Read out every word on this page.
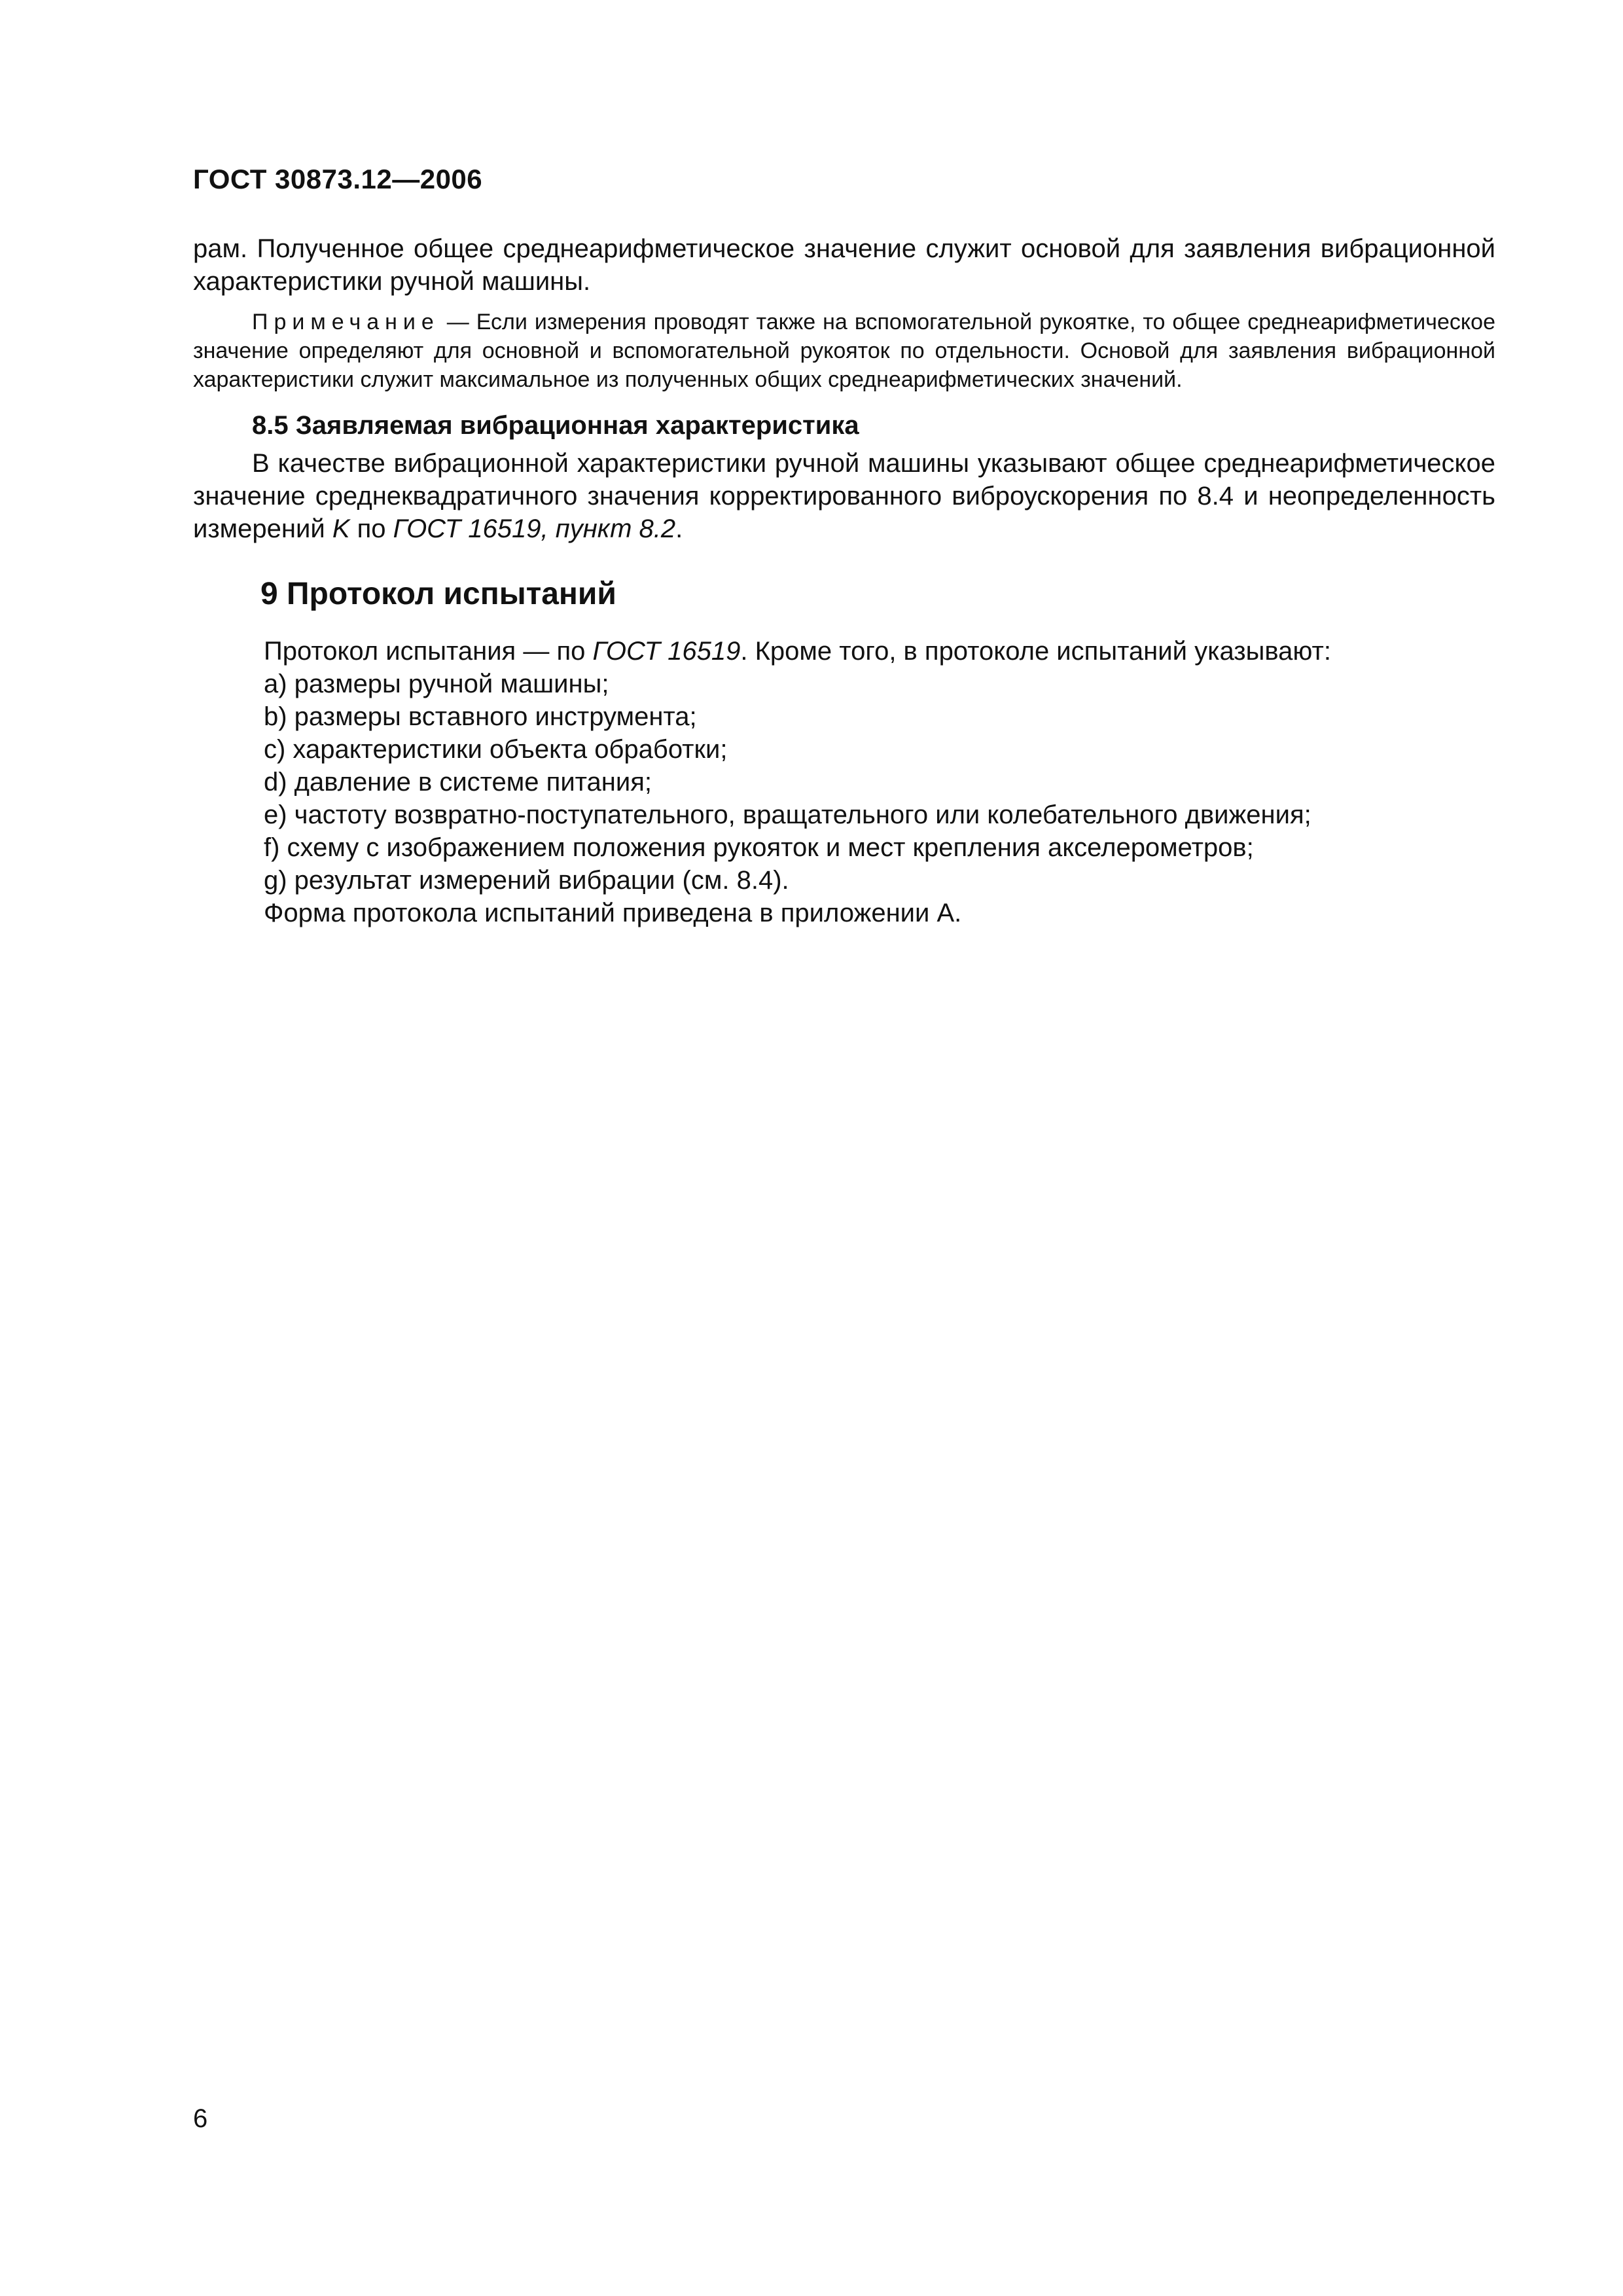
ГОСТ 30873.12—2006

рам. Полученное общее среднеарифметическое значение служит основой для заявления вибрационной характеристики ручной машины.

Примечание — Если измерения проводят также на вспомогательной рукоятке, то общее среднеарифметическое значение определяют для основной и вспомогательной рукояток по отдельности. Основой для заявления вибрационной характеристики служит максимальное из полученных общих среднеарифметических значений.

8.5 Заявляемая вибрационная характеристика

В качестве вибрационной характеристики ручной машины указывают общее среднеарифметическое значение среднеквадратичного значения корректированного виброускорения по 8.4 и неопределенность измерений K по ГОСТ 16519, пункт 8.2.

9 Протокол испытаний

Протокол испытания — по ГОСТ 16519. Кроме того, в протоколе испытаний указывают:

a) размеры ручной машины;

b) размеры вставного инструмента;

c) характеристики объекта обработки;

d) давление в системе питания;

e) частоту возвратно-поступательного, вращательного или колебательного движения;

f) схему с изображением положения рукояток и мест крепления акселерометров;

g) результат измерений вибрации (см. 8.4).

Форма протокола испытаний приведена в приложении А.

6
